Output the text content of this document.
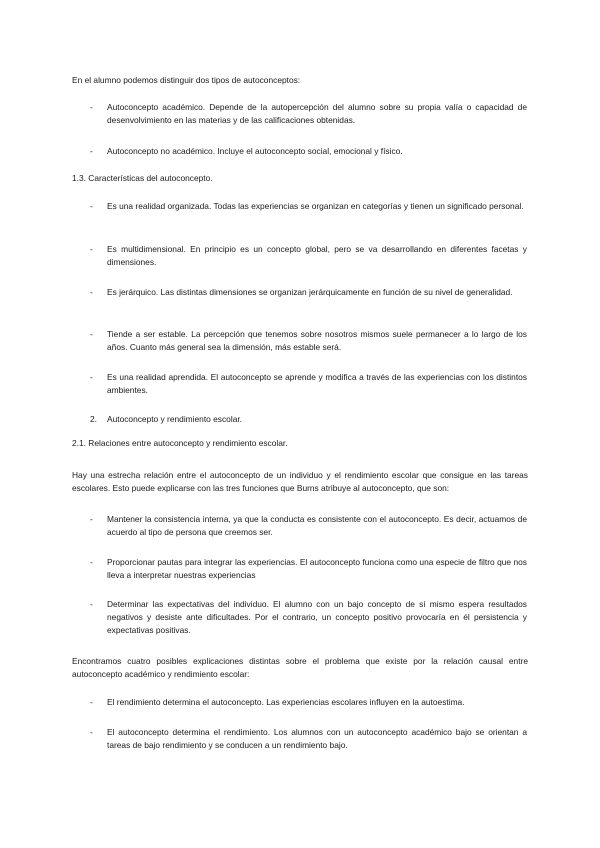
En el alumno podemos distinguir dos tipos de autoconceptos:
-	Autoconcepto académico. Depende de la autopercepción del alumno sobre su propia valía o capacidad de desenvolvimiento en las materias y de las calificaciones obtenidas.
-	Autoconcepto no académico. Incluye el autoconcepto social, emocional y físico.
1.3. Características del autoconcepto.
-	Es una realidad organizada. Todas las experiencias se organizan en categorías y tienen un significado personal.
-	Es multidimensional. En principio es un concepto global, pero se va desarrollando en diferentes facetas y dimensiones.
-	Es jerárquico. Las distintas dimensiones se organizan jerárquicamente en función de su nivel de generalidad.
-	Tiende a ser estable. La percepción que tenemos sobre nosotros mismos suele permanecer a lo largo de los años. Cuanto más general sea la dimensión, más estable será.
-	Es una realidad aprendida. El autoconcepto se aprende y modifica a través de las experiencias con los distintos ambientes.
2. Autoconcepto y rendimiento escolar.
2.1. Relaciones entre autoconcepto y rendimiento escolar.
Hay una estrecha relación entre el autoconcepto de un individuo y el rendimiento escolar que consigue en las tareas escolares. Esto puede explicarse con las tres funciones que Burns atribuye al autoconcepto, que son:
-	Mantener la consistencia interna, ya que la conducta es consistente con el autoconcepto. Es decir, actuamos de acuerdo al tipo de persona que creemos ser.
-	Proporcionar pautas para integrar las experiencias. El autoconcepto funciona como una especie de filtro que nos lleva a interpretar nuestras experiencias
-	Determinar las expectativas del individuo. El alumno con un bajo concepto de sí mismo espera resultados negativos y desiste ante dificultades. Por el contrario, un concepto positivo provocaría en él persistencia y expectativas positivas.
Encontramos cuatro posibles explicaciones distintas sobre el problema que existe por la relación causal entre autoconcepto académico y rendimiento escolar:
-	El rendimiento determina el autoconcepto. Las experiencias escolares influyen en la autoestima.
-	El autoconcepto determina el rendimiento. Los alumnos con un autoconcepto académico bajo se orientan a tareas de bajo rendimiento y se conducen a un rendimiento bajo.
